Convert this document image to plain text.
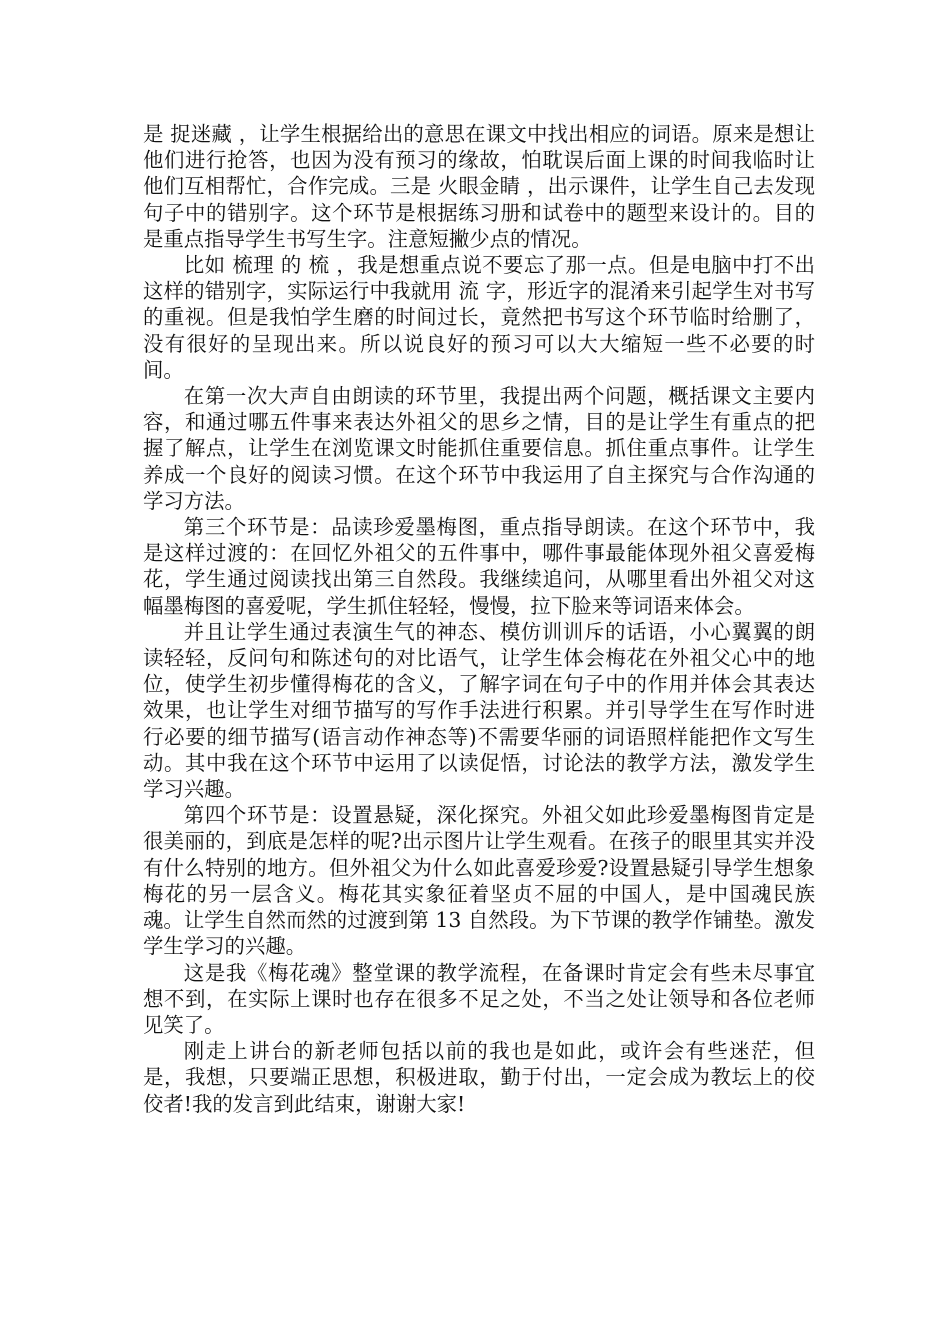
是 捉迷藏 ，让学生根据给出的意思在课文中找出相应的词语。原来是想让他们进行抢答，也因为没有预习的缘故，怕耽误后面上课的时间我临时让他们互相帮忙，合作完成。三是 火眼金睛 ，出示课件，让学生自己去发现句子中的错别字。这个环节是根据练习册和试卷中的题型来设计的。目的是重点指导学生书写生字。注意短撇少点的情况。

比如 梳理 的 梳 ，我是想重点说不要忘了那一点。但是电脑中打不出这样的错别字，实际运行中我就用 流 字，形近字的混淆来引起学生对书写的重视。但是我怕学生磨的时间过长，竟然把书写这个环节临时给删了，没有很好的呈现出来。所以说良好的预习可以大大缩短一些不必要的时间。

在第一次大声自由朗读的环节里，我提出两个问题，概括课文主要内容，和通过哪五件事来表达外祖父的思乡之情，目的是让学生有重点的把握了解点，让学生在浏览课文时能抓住重要信息。抓住重点事件。让学生养成一个良好的阅读习惯。在这个环节中我运用了自主探究与合作沟通的学习方法。

第三个环节是：品读珍爱墨梅图，重点指导朗读。在这个环节中，我是这样过渡的：在回忆外祖父的五件事中，哪件事最能体现外祖父喜爱梅花，学生通过阅读找出第三自然段。我继续追问，从哪里看出外祖父对这幅墨梅图的喜爱呢，学生抓住轻轻，慢慢，拉下脸来等词语来体会。

并且让学生通过表演生气的神态、模仿训训斥的话语，小心翼翼的朗读轻轻，反问句和陈述句的对比语气，让学生体会梅花在外祖父心中的地位，使学生初步懂得梅花的含义，了解字词在句子中的作用并体会其表达效果，也让学生对细节描写的写作手法进行积累。并引导学生在写作时进行必要的细节描写(语言动作神态等)不需要华丽的词语照样能把作文写生动。其中我在这个环节中运用了以读促悟，讨论法的教学方法，激发学生学习兴趣。

第四个环节是：设置悬疑，深化探究。外祖父如此珍爱墨梅图肯定是很美丽的，到底是怎样的呢?出示图片让学生观看。在孩子的眼里其实并没有什么特别的地方。但外祖父为什么如此喜爱珍爱?设置悬疑引导学生想象梅花的另一层含义。梅花其实象征着坚贞不屈的中国人，是中国魂民族魂。让学生自然而然的过渡到第 13 自然段。为下节课的教学作铺垫。激发学生学习的兴趣。

这是我《梅花魂》整堂课的教学流程，在备课时肯定会有些未尽事宜想不到，在实际上课时也存在很多不足之处，不当之处让领导和各位老师见笑了。

刚走上讲台的新老师包括以前的我也是如此，或许会有些迷茫，但是，我想，只要端正思想，积极进取，勤于付出，一定会成为教坛上的佼佼者!我的发言到此结束，谢谢大家!
